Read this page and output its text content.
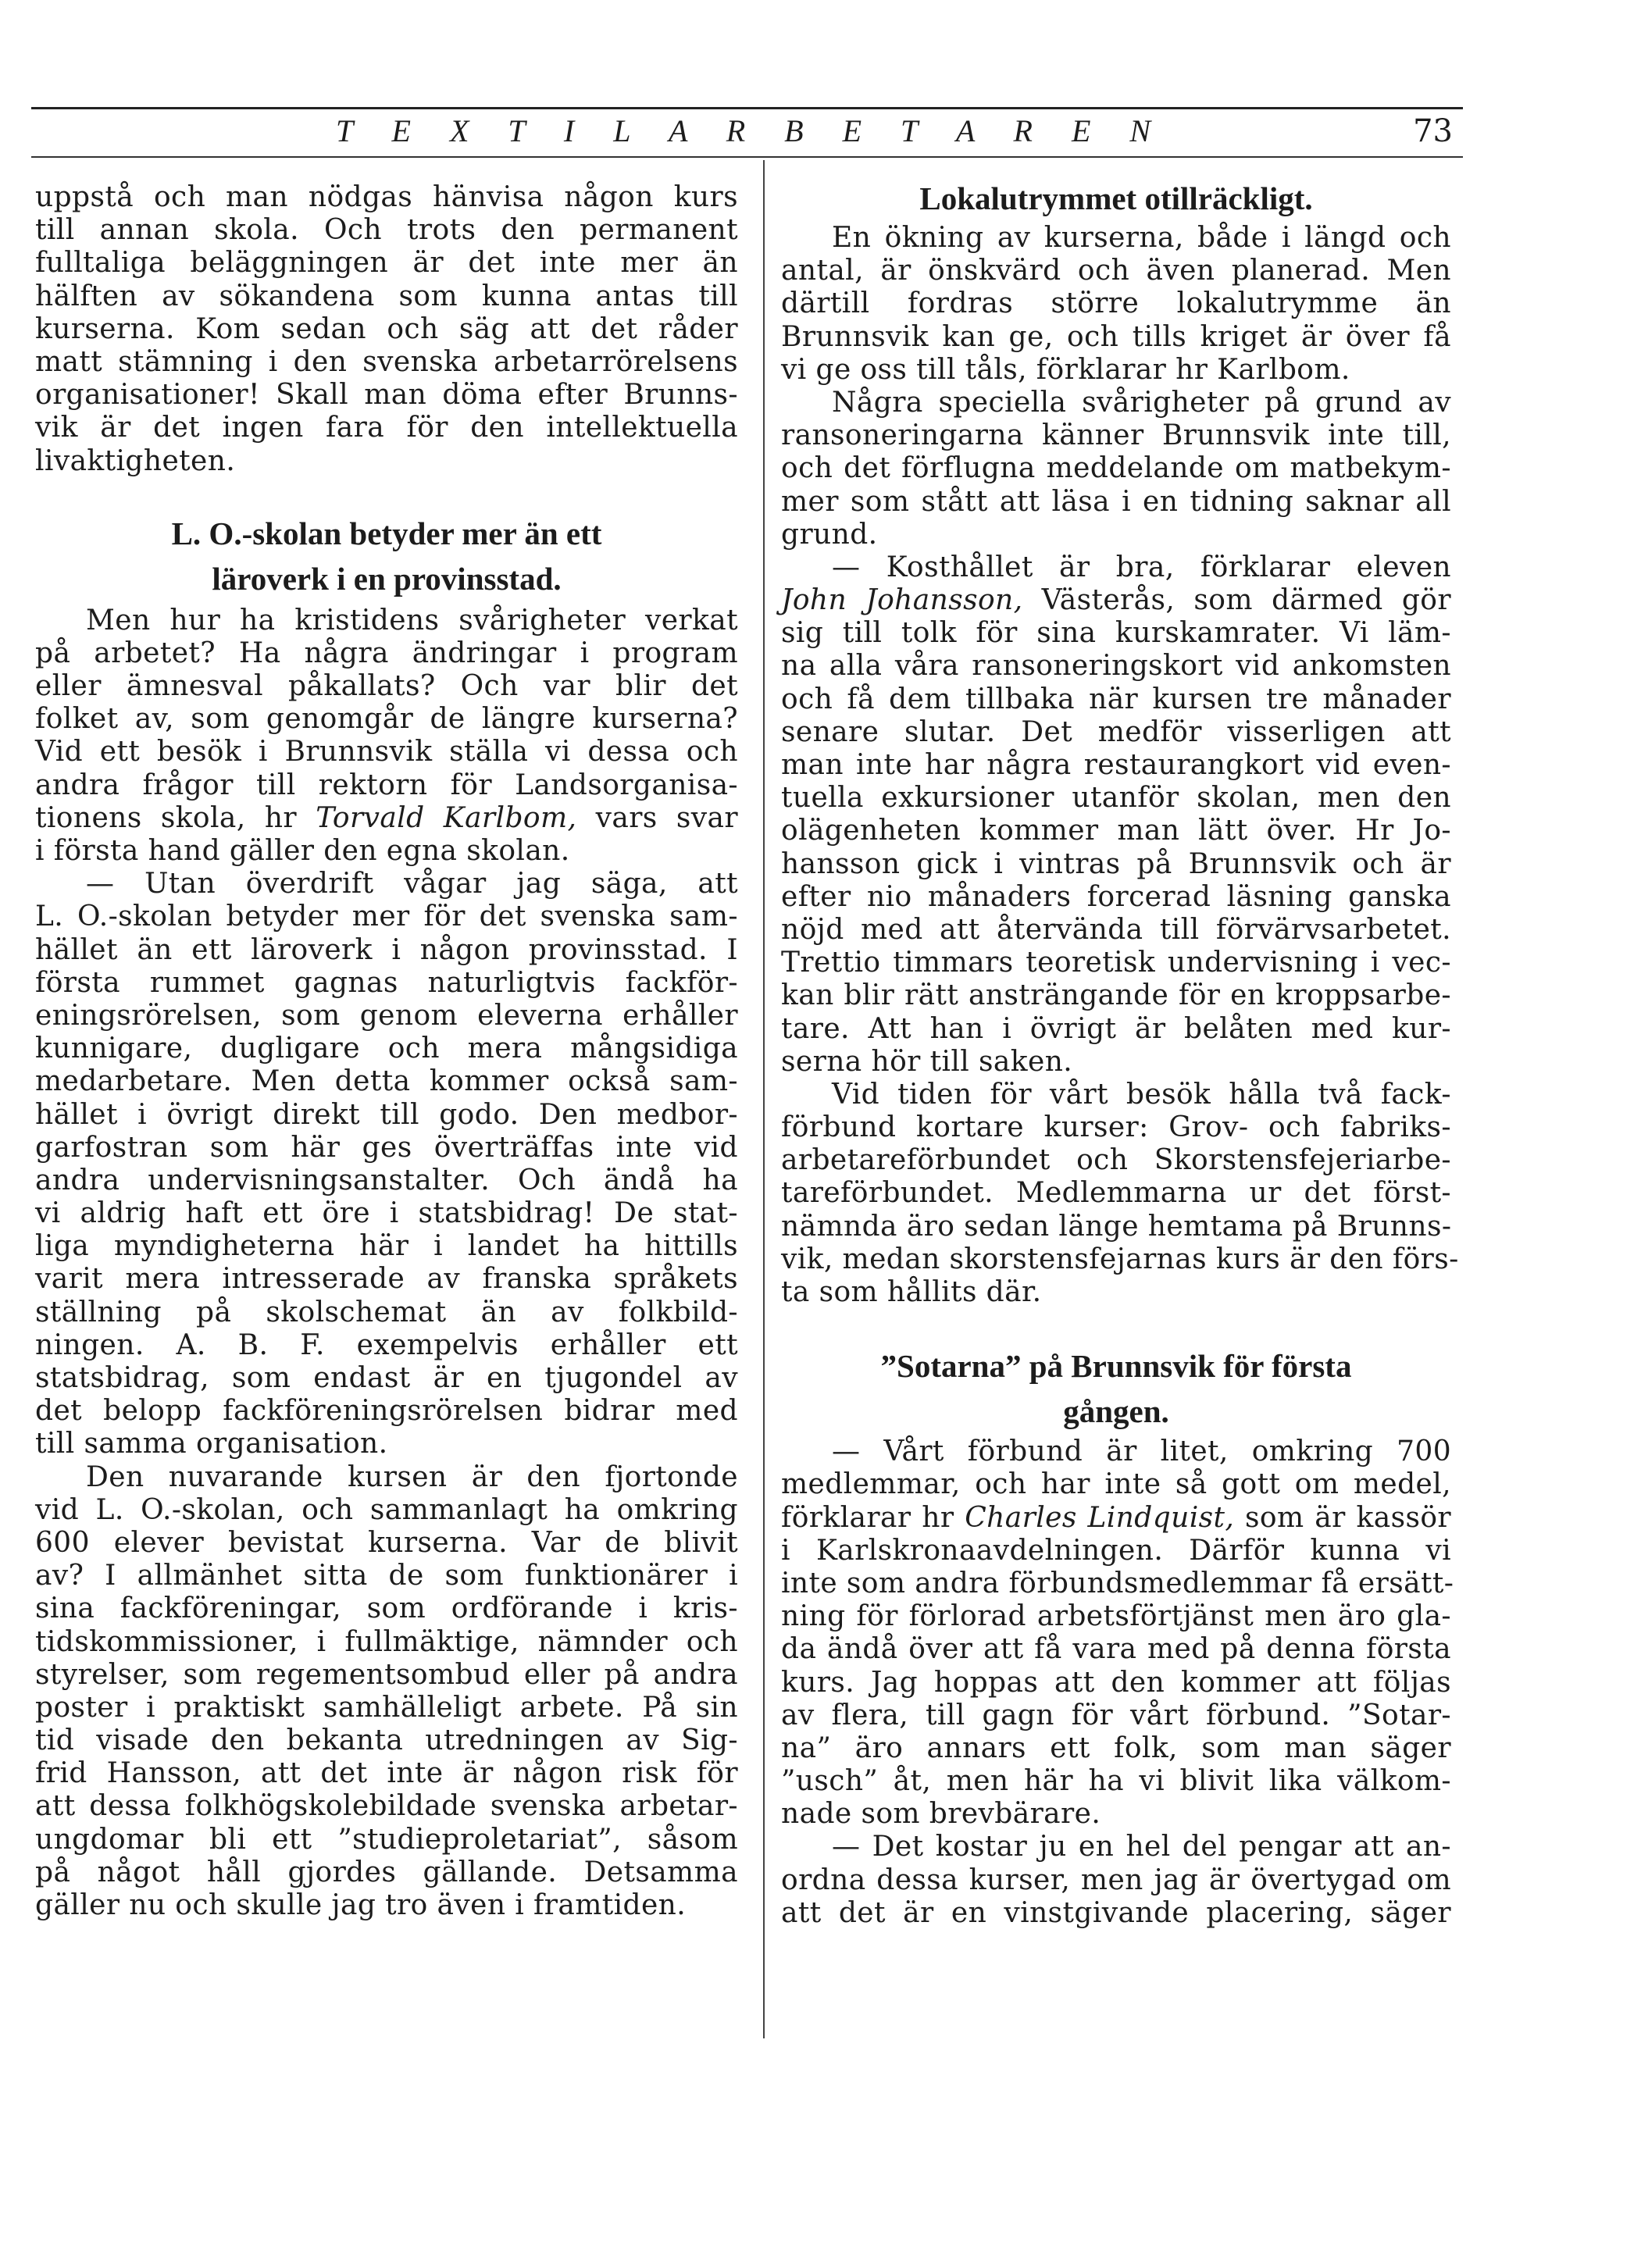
T E X T I L A R B E T A R E N	73
uppstå och man nödgas hänvisa någon kurs
till annan skola. Och trots den permanent
fulltaliga beläggningen är det inte mer än
hälften av sökandena som kunna antas till
kurserna. Kom sedan och säg att det råder
matt stämning i den svenska arbetarrörelsens
organisationer! Skall man döma efter Brunns-
vik är det ingen fara för den intellektuella
livaktigheten.
L. O.-skolan betyder mer än ett
läroverk i en provinsstad.
Men hur ha kristidens svårigheter verkat
på arbetet? Ha några ändringar i program
eller ämnesval påkallats? Och var blir det
folket av, som genomgår de längre kurserna?
Vid ett besök i Brunnsvik ställa vi dessa och
andra frågor till rektorn för Landsorganisa-
tionens skola, hr Torvald Karlbom, vars svar
i första hand gäller den egna skolan.
— Utan överdrift vågar jag säga, att
L. O.-skolan betyder mer för det svenska sam-
hället än ett läroverk i någon provinsstad. I
första rummet gagnas naturligtvis fackför-
eningsrörelsen, som genom eleverna erhåller
kunnigare, dugligare och mera mångsidiga
medarbetare. Men detta kommer också sam-
hället i övrigt direkt till godo. Den medbor-
garfostran som här ges överträffas inte vid
andra undervisningsanstalter. Och ändå ha
vi aldrig haft ett öre i statsbidrag! De stat-
liga myndigheterna här i landet ha hittills
varit mera intresserade av franska språkets
ställning på skolschemat än av folkbild-
ningen. A. B. F. exempelvis erhåller ett
statsbidrag, som endast är en tjugondel av
det belopp fackföreningsrörelsen bidrar med
till samma organisation.
Den nuvarande kursen är den fjortonde
vid L. O.-skolan, och sammanlagt ha omkring
600 elever bevistat kurserna. Var de blivit
av? I allmänhet sitta de som funktionärer i
sina fackföreningar, som ordförande i kris-
tidskommissioner, i fullmäktige, nämnder och
styrelser, som regementsombud eller på andra
poster i praktiskt samhälleligt arbete. På sin
tid visade den bekanta utredningen av Sig-
frid Hansson, att det inte är någon risk för
att dessa folkhögskolebildade svenska arbetar-
ungdomar bli ett ”studieproletariat”, såsom
på något håll gjordes gällande. Detsamma
gäller nu och skulle jag tro även i framtiden.
Lokalutrymmet otillräckligt.
En ökning av kurserna, både i längd och
antal, är önskvärd och även planerad. Men
därtill fordras större lokalutrymme än
Brunnsvik kan ge, och tills kriget är över få
vi ge oss till tåls, förklarar hr Karlbom.
Några speciella svårigheter på grund av
ransoneringarna känner Brunnsvik inte till,
och det förflugna meddelande om matbekym-
mer som stått att läsa i en tidning saknar all
grund.
— Kosthållet är bra, förklarar eleven
John Johansson, Västerås, som därmed gör
sig till tolk för sina kurskamrater. Vi läm-
na alla våra ransoneringskort vid ankomsten
och få dem tillbaka när kursen tre månader
senare slutar. Det medför visserligen att
man inte har några restaurangkort vid even-
tuella exkursioner utanför skolan, men den
olägenheten kommer man lätt över. Hr Jo-
hansson gick i vintras på Brunnsvik och är
efter nio månaders forcerad läsning ganska
nöjd med att återvända till förvärvsarbetet.
Trettio timmars teoretisk undervisning i vec-
kan blir rätt ansträngande för en kroppsarbe-
tare. Att han i övrigt är belåten med kur-
serna hör till saken.
Vid tiden för vårt besök hålla två fack-
förbund kortare kurser: Grov- och fabriks-
arbetareförbundet och Skorstensfejeriarbe-
tareförbundet. Medlemmarna ur det först-
nämnda äro sedan länge hemtama på Brunns-
vik, medan skorstensfejarnas kurs är den förs-
ta som hållits där.
”Sotarna” på Brunnsvik för första
gången.
— Vårt förbund är litet, omkring 700
medlemmar, och har inte så gott om medel,
förklarar hr Charles Lindquist, som är kassör
i Karlskronaavdelningen. Därför kunna vi
inte som andra förbundsmedlemmar få ersätt-
ning för förlorad arbetsförtjänst men äro gla-
da ändå över att få vara med på denna första
kurs. Jag hoppas att den kommer att följas
av flera, till gagn för vårt förbund. ”Sotar-
na” äro annars ett folk, som man säger
”usch” åt, men här ha vi blivit lika välkom-
nade som brevbärare.
— Det kostar ju en hel del pengar att an-
ordna dessa kurser, men jag är övertygad om
att det är en vinstgivande placering, säger
